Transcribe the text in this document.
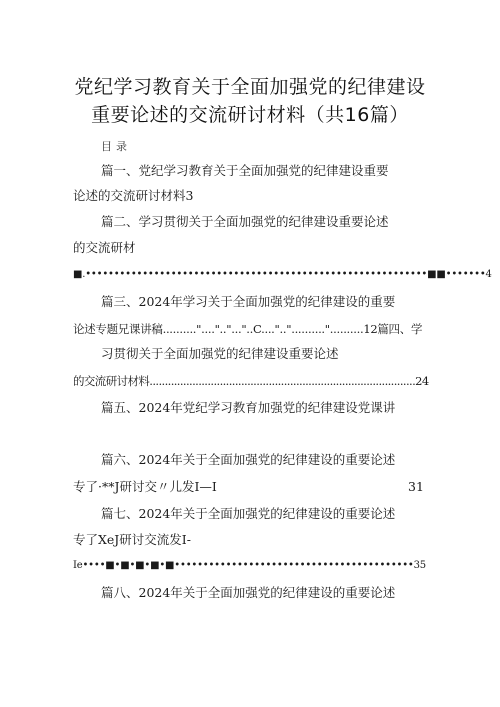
党纪学习教育关于全面加强党的纪律建设
重要论述的交流研讨材料（共16篇）
目录
篇一、党纪学习教育关于全面加强党的纪律建设重要
论述的交流研讨材料3
篇二、学习贯彻关于全面加强党的纪律建设重要论述
的交流研材
■.••••••••••••••••••••••••••••••••••••••••••••••••••••••••••••■■•••••••4
篇三、2024年学习关于全面加强党的纪律建设的重要
论述专题兄课讲稿.........."....".."..."..C...."..".........."..........12篇四、学
习贯彻关于全面加强党的纪律建设重要论述
的交流研讨材料.......................................................................................24
篇五、2024年党纪学习教育加强党的纪律建设党课讲
篇六、2024年关于全面加强党的纪律建设的重要论述
专了·**J研讨交〃儿发I—I	31
篇七、2024年关于全面加强党的纪律建设的重要论述
专了XeJ研讨交流发I-
Ie••••■•■•■•■•■••••••••••••••••••••••••••••••••••••••••••35
篇八、2024年关于全面加强党的纪律建设的重要论述
